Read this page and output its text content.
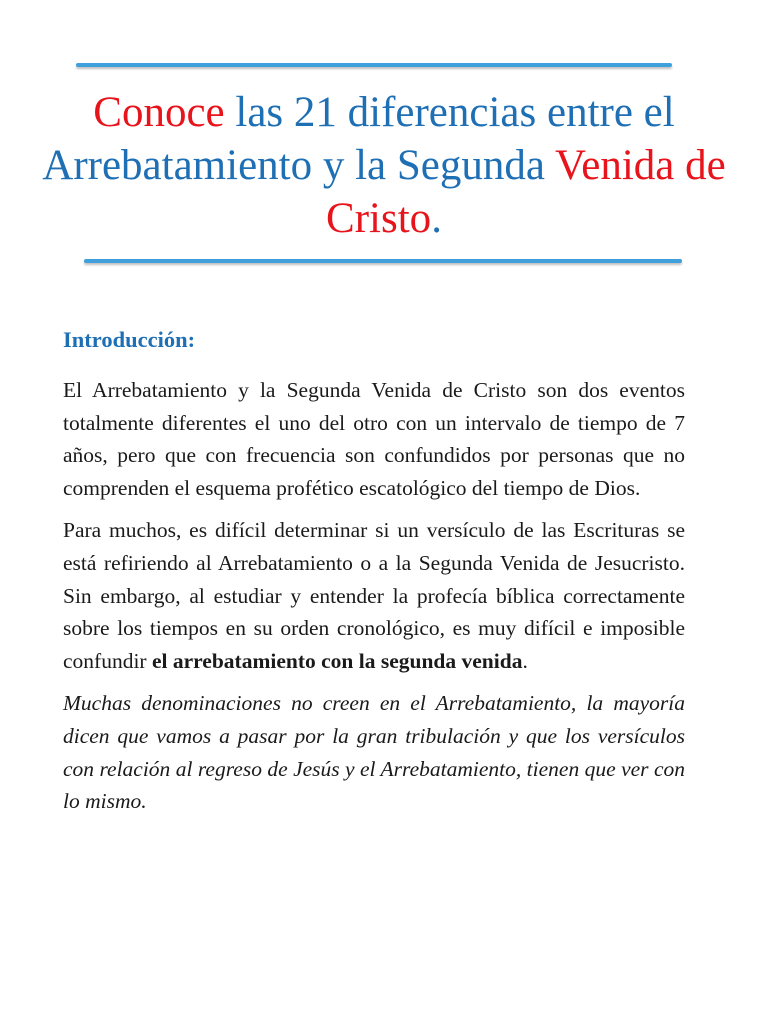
Conoce las 21 diferencias entre el Arrebatamiento y la Segunda Venida de Cristo.
Introducción:

El Arrebatamiento y la Segunda Venida de Cristo son dos eventos totalmente diferentes el uno del otro con un intervalo de tiempo de 7 años, pero que con frecuencia son confundidos por personas que no comprenden el esquema profético escatológico del tiempo de Dios.

Para muchos, es difícil determinar si un versículo de las Escrituras se está refiriendo al Arrebatamiento o a la Segunda Venida de Jesucristo. Sin embargo, al estudiar y entender la profecía bíblica correctamente sobre los tiempos en su orden cronológico, es muy difícil e imposible confundir el arrebatamiento con la segunda venida.

Muchas denominaciones no creen en el Arrebatamiento, la mayoría dicen que vamos a pasar por la gran tribulación y que los versículos con relación al regreso de Jesús y el Arrebatamiento, tienen que ver con lo mismo.
